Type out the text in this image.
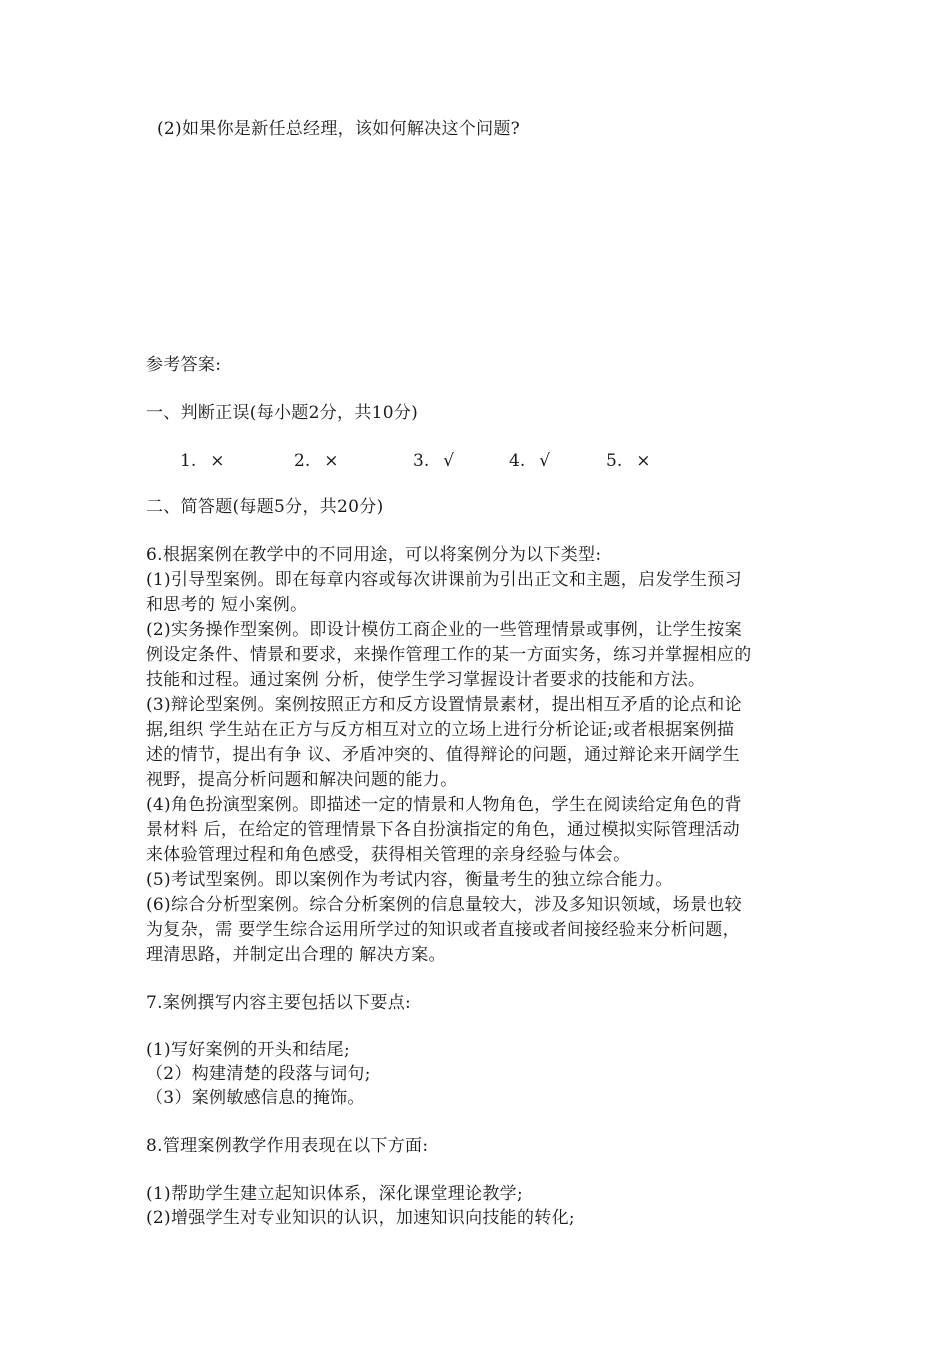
(2)如果你是新任总经理，该如何解决这个问题?
参考答案:
一、判断正误(每小题2分，共10分)
1. ×	2. ×	3. √	4. √	5. ×
二、简答题(每题5分，共20分)
6.根据案例在教学中的不同用途，可以将案例分为以下类型:
(1)引导型案例。即在每章内容或每次讲课前为引出正文和主题，启发学生预习
和思考的 短小案例。
(2)实务操作型案例。即设计模仿工商企业的一些管理情景或事例，让学生按案
例设定条件、情景和要求，来操作管理工作的某一方面实务，练习并掌握相应的
技能和过程。通过案例 分析，使学生学习掌握设计者要求的技能和方法。
(3)辩论型案例。案例按照正方和反方设置情景素材，提出相互矛盾的论点和论
据,组织 学生站在正方与反方相互对立的立场上进行分析论证;或者根据案例描
述的情节，提出有争 议、矛盾冲突的、值得辩论的问题，通过辩论来开阔学生
视野，提高分析问题和解决问题的能力。
(4)角色扮演型案例。即描述一定的情景和人物角色，学生在阅读给定角色的背
景材料 后，在给定的管理情景下各自扮演指定的角色，通过模拟实际管理活动
来体验管理过程和角色感受，获得相关管理的亲身经验与体会。
(5)考试型案例。即以案例作为考试内容，衡量考生的独立综合能力。
(6)综合分析型案例。综合分析案例的信息量较大，涉及多知识领域，场景也较
为复杂，需 要学生综合运用所学过的知识或者直接或者间接经验来分析问题，
理清思路，并制定出合理的 解决方案。
7.案例撰写内容主要包括以下要点:
(1)写好案例的开头和结尾;
（2）构建清楚的段落与词句;
（3）案例敏感信息的掩饰。
8.管理案例教学作用表现在以下方面:
(1)帮助学生建立起知识体系，深化课堂理论教学;
(2)增强学生对专业知识的认识，加速知识向技能的转化;
